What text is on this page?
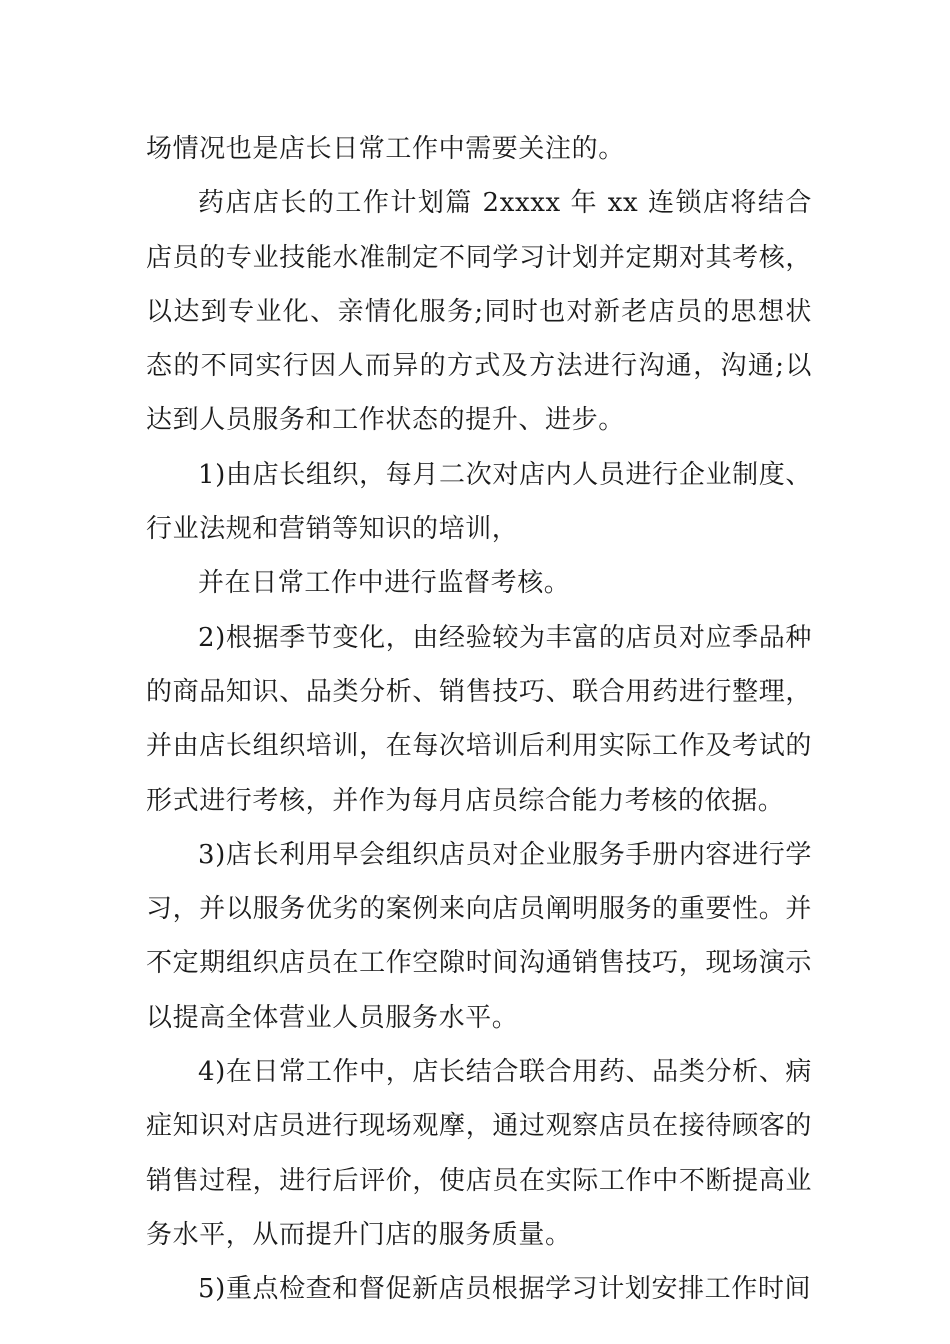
场情况也是店长日常工作中需要关注的。

药店店长的工作计划篇 2xxxx 年 xx 连锁店将结合店员的专业技能水准制定不同学习计划并定期对其考核，以达到专业化、亲情化服务;同时也对新老店员的思想状态的不同实行因人而异的方式及方法进行沟通，沟通;以达到人员服务和工作状态的提升、进步。

1)由店长组织，每月二次对店内人员进行企业制度、行业法规和营销等知识的培训，

并在日常工作中进行监督考核。

2)根据季节变化，由经验较为丰富的店员对应季品种的商品知识、品类分析、销售技巧、联合用药进行整理，并由店长组织培训，在每次培训后利用实际工作及考试的形式进行考核，并作为每月店员综合能力考核的依据。

3)店长利用早会组织店员对企业服务手册内容进行学习，并以服务优劣的案例来向店员阐明服务的重要性。并不定期组织店员在工作空隙时间沟通销售技巧，现场演示以提高全体营业人员服务水平。

4)在日常工作中，店长结合联合用药、品类分析、病症知识对店员进行现场观摩，通过观察店员在接待顾客的销售过程，进行后评价，使店员在实际工作中不断提高业务水平，从而提升门店的服务质量。

5)重点检查和督促新店员根据学习计划安排工作时间
